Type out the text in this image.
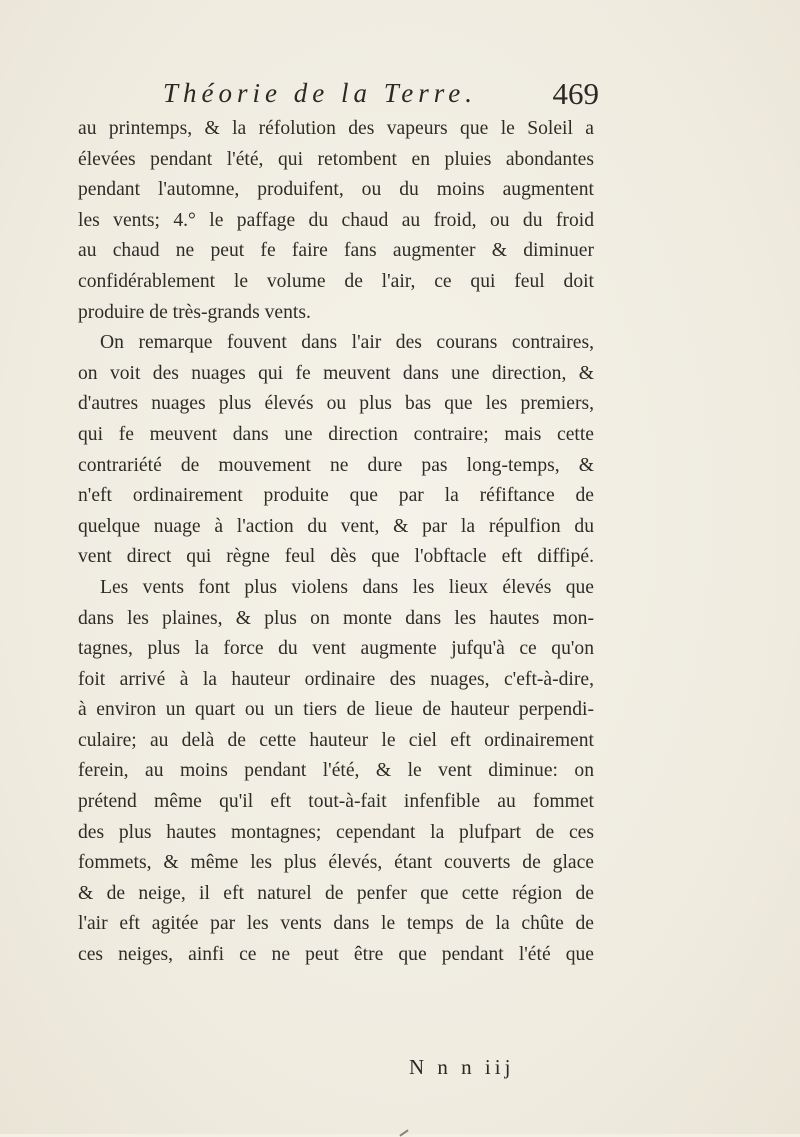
Théorie de la Terre. 469
au printemps, & la réfolution des vapeurs que le Soleil a
élevées pendant l'été, qui retombent en pluies abondantes
pendant l'automne, produifent, ou du moins augmentent
les vents; 4.° le paffage du chaud au froid, ou du froid
au chaud ne peut fe faire fans augmenter & diminuer
confidérablement le volume de l'air, ce qui feul doit
produire de très-grands vents.
On remarque fouvent dans l'air des courans contraires,
on voit des nuages qui fe meuvent dans une direction, &
d'autres nuages plus élevés ou plus bas que les premiers,
qui fe meuvent dans une direction contraire; mais cette
contrariété de mouvement ne dure pas long-temps, &
n'eft ordinairement produite que par la réfiftance de
quelque nuage à l'action du vent, & par la répulfion du
vent direct qui règne feul dès que l'obftacle eft diffipé.
Les vents font plus violens dans les lieux élevés que
dans les plaines, & plus on monte dans les hautes mon-
tagnes, plus la force du vent augmente jufqu'à ce qu'on
foit arrivé à la hauteur ordinaire des nuages, c'eft-à-dire,
à environ un quart ou un tiers de lieue de hauteur perpendi-
culaire; au delà de cette hauteur le ciel eft ordinairement
ferein, au moins pendant l'été, & le vent diminue: on
prétend même qu'il eft tout-à-fait infenfible au fommet
des plus hautes montagnes; cependant la plufpart de ces
fommets, & même les plus élevés, étant couverts de glace
& de neige, il eft naturel de penfer que cette région de
l'air eft agitée par les vents dans le temps de la chûte de
ces neiges, ainfi ce ne peut être que pendant l'été que
N n n iij
